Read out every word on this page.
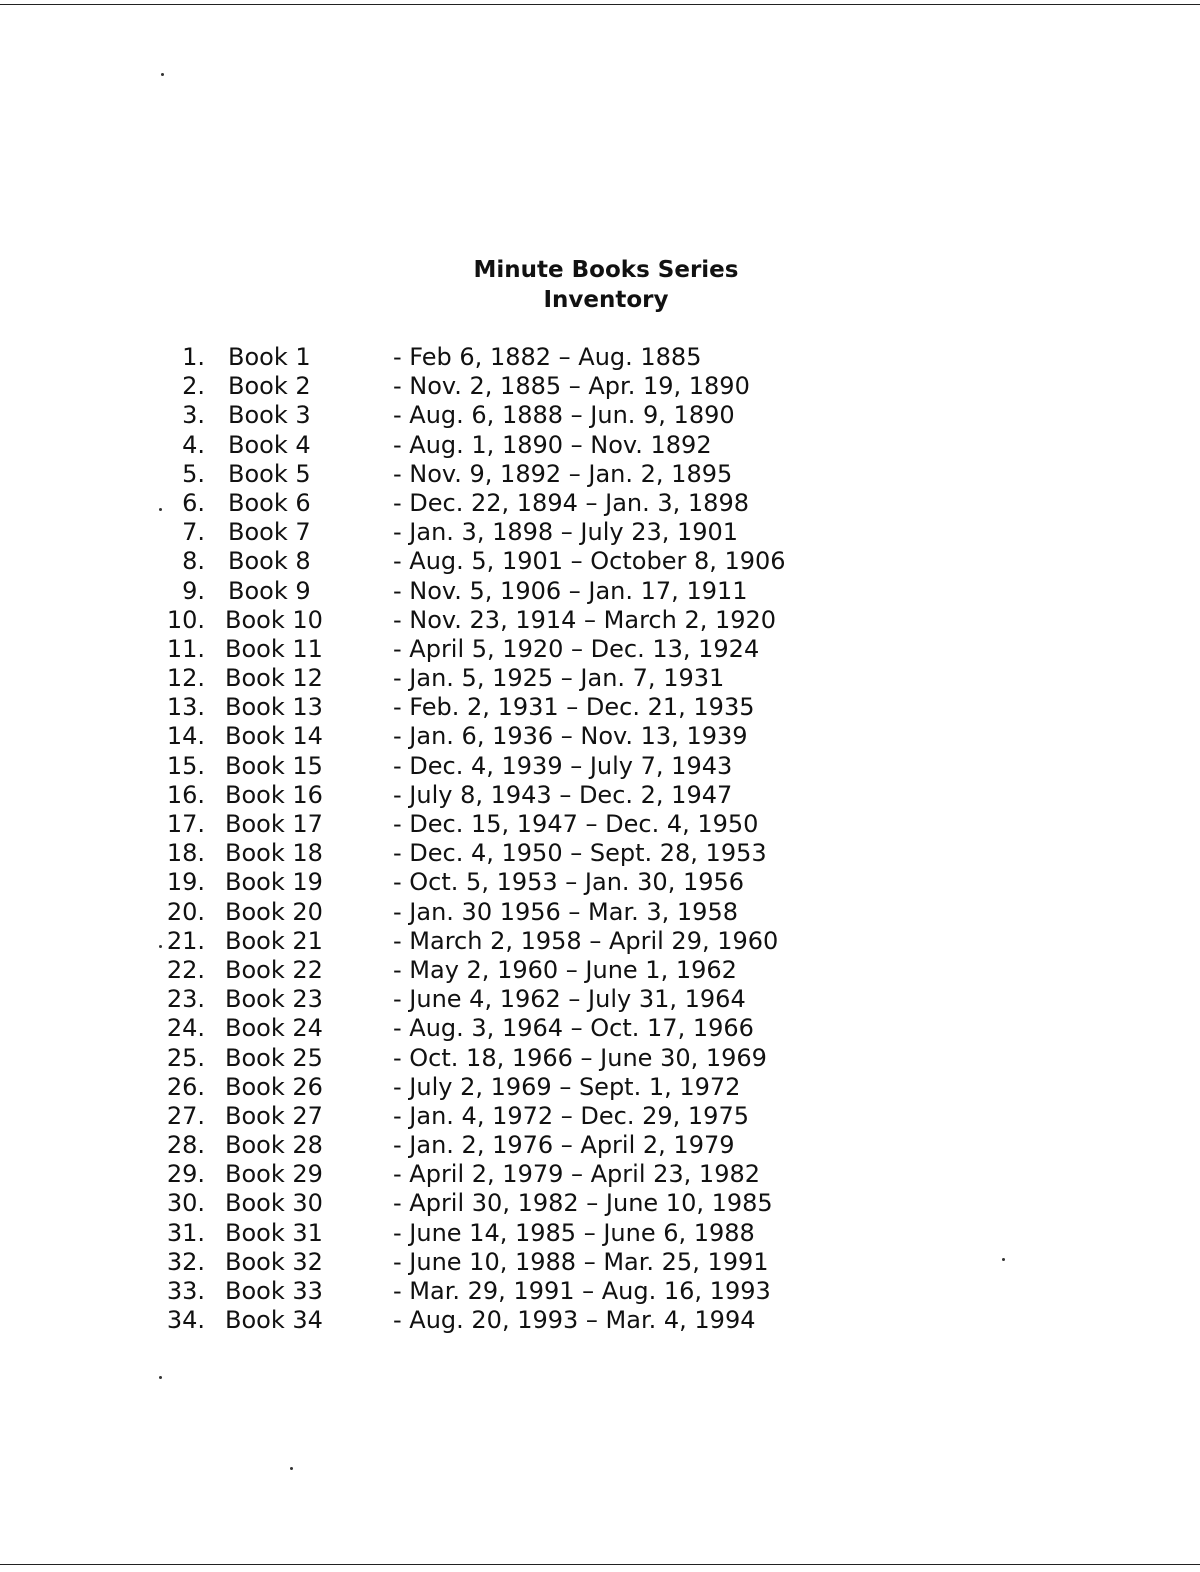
Minute Books Series
Inventory
1. Book 1	- Feb 6, 1882 – Aug. 1885
2. Book 2	- Nov. 2, 1885 – Apr. 19, 1890
3. Book 3	- Aug. 6, 1888 – Jun. 9, 1890
4. Book 4	- Aug. 1, 1890 – Nov. 1892
5. Book 5	- Nov. 9, 1892 – Jan. 2, 1895
6. Book 6	- Dec. 22, 1894 – Jan. 3, 1898
7. Book 7	- Jan. 3, 1898 – July 23, 1901
8. Book 8	- Aug. 5, 1901 – October 8, 1906
9. Book 9	- Nov. 5, 1906 – Jan. 17, 1911
10. Book 10	- Nov. 23, 1914 – March 2, 1920
11. Book 11	- April 5, 1920 – Dec. 13, 1924
12. Book 12	- Jan. 5, 1925 – Jan. 7, 1931
13. Book 13	- Feb. 2, 1931 – Dec. 21, 1935
14. Book 14	- Jan. 6, 1936 – Nov. 13, 1939
15. Book 15	- Dec. 4, 1939 – July 7, 1943
16. Book 16	- July 8, 1943 – Dec. 2, 1947
17. Book 17	- Dec. 15, 1947 – Dec. 4, 1950
18. Book 18	- Dec. 4, 1950 – Sept. 28, 1953
19. Book 19	- Oct. 5, 1953 – Jan. 30, 1956
20. Book 20	- Jan. 30 1956 – Mar. 3, 1958
21. Book 21	- March 2, 1958 – April 29, 1960
22. Book 22	- May 2, 1960 – June 1, 1962
23. Book 23	- June 4, 1962 – July 31, 1964
24. Book 24	- Aug. 3, 1964 – Oct. 17, 1966
25. Book 25	- Oct. 18, 1966 – June 30, 1969
26. Book 26	- July 2, 1969 – Sept. 1, 1972
27. Book 27	- Jan. 4, 1972 – Dec. 29, 1975
28. Book 28	- Jan. 2, 1976 – April 2, 1979
29. Book 29	- April 2, 1979 – April 23, 1982
30. Book 30	- April 30, 1982 – June 10, 1985
31. Book 31	- June 14, 1985 – June 6, 1988
32. Book 32	- June 10, 1988 – Mar. 25, 1991
33. Book 33	- Mar. 29, 1991 – Aug. 16, 1993
34. Book 34	- Aug. 20, 1993 – Mar. 4, 1994
